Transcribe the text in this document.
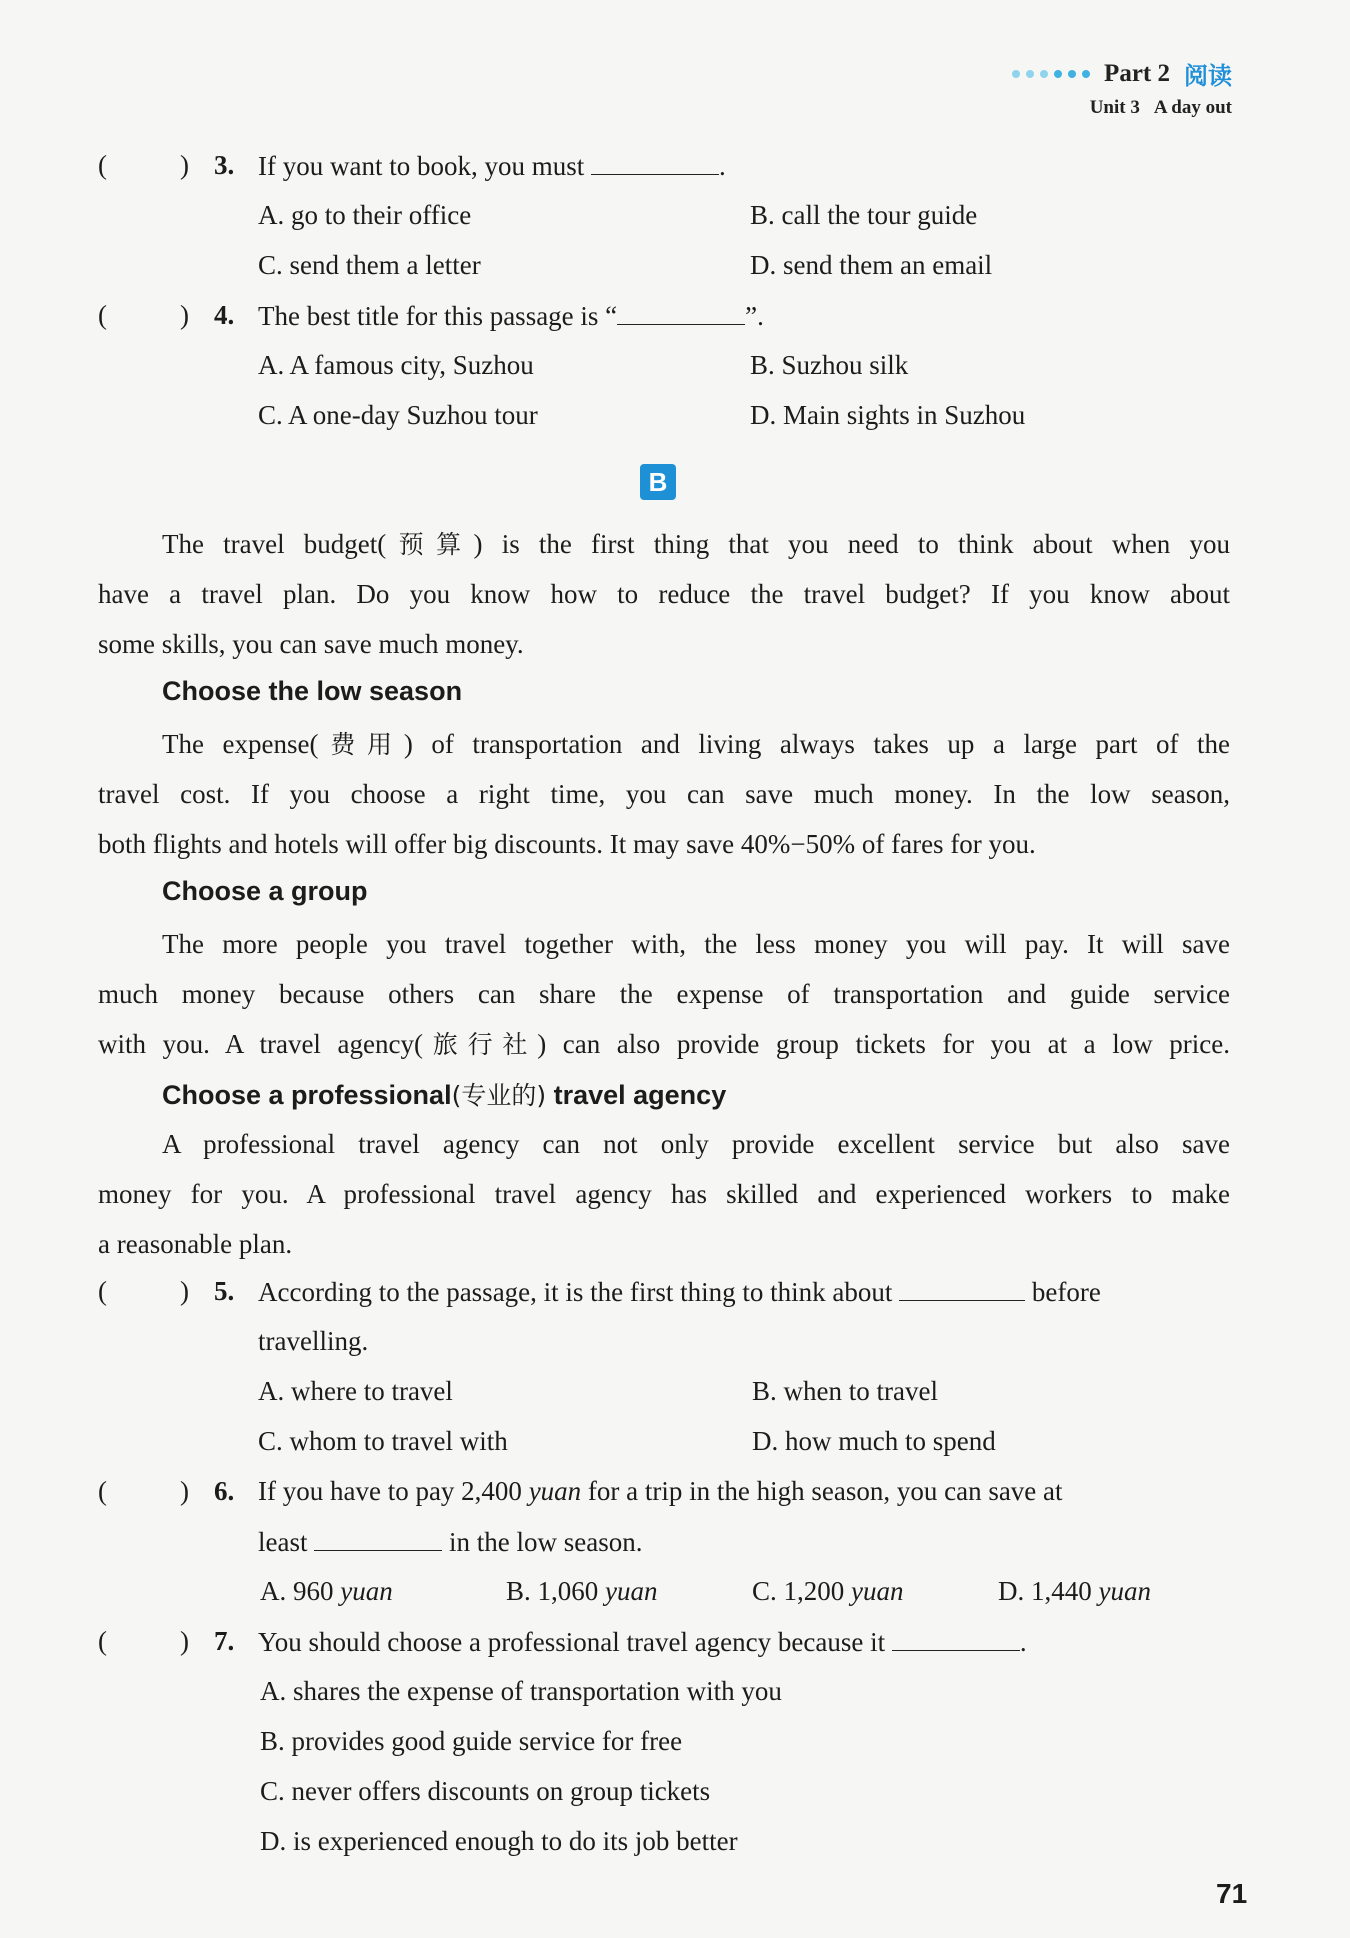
Part 2 阅读
Unit 3 A day out
(	) 3. If you want to book, you must	.
A. go to their office	B. call the tour guide
C. send them a letter	D. send them an email
(	) 4. The best title for this passage is “	”.
A. A famous city, Suzhou	B. Suzhou silk
C. A one-day Suzhou tour	D. Main sights in Suzhou
B
The travel budget(预算) is the first thing that you need to think about when you
have a travel plan. Do you know how to reduce the travel budget? If you know about
some skills, you can save much money.
Choose the low season
The expense(费用) of transportation and living always takes up a large part of the
travel cost. If you choose a right time, you can save much money. In the low season,
both flights and hotels will offer big discounts. It may save 40%−50% of fares for you.
Choose a group
The more people you travel together with, the less money you will pay. It will save
much money because others can share the expense of transportation and guide service
with you. A travel agency(旅行社) can also provide group tickets for you at a low price.
Choose a professional(专业的) travel agency
A professional travel agency can not only provide excellent service but also save
money for you. A professional travel agency has skilled and experienced workers to make
a reasonable plan.
(	) 5. According to the passage, it is the first thing to think about	before
travelling.
A. where to travel	B. when to travel
C. whom to travel with	D. how much to spend
(	) 6. If you have to pay 2,400 yuan for a trip in the high season, you can save at
least	in the low season.
A. 960 yuan	B. 1,060 yuan	C. 1,200 yuan	D. 1,440 yuan
(	) 7. You should choose a professional travel agency because it	.
A. shares the expense of transportation with you
B. provides good guide service for free
C. never offers discounts on group tickets
D. is experienced enough to do its job better
71
